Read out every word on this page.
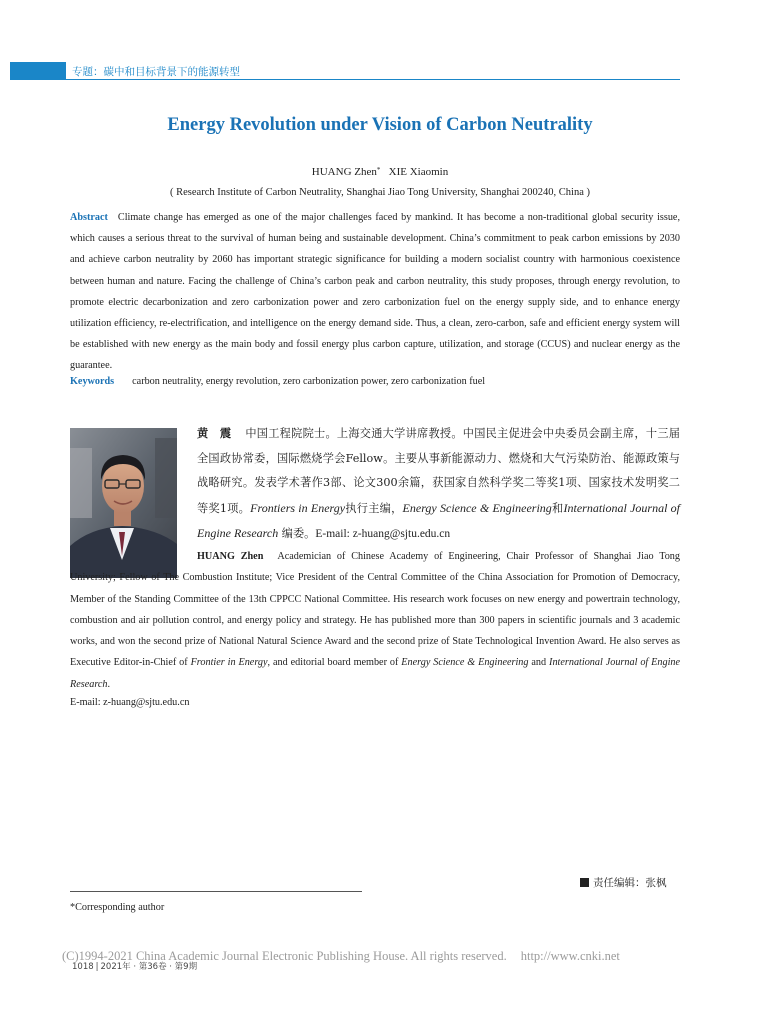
专题：碳中和目标背景下的能源转型
Energy Revolution under Vision of Carbon Neutrality
HUANG Zhen* XIE Xiaomin
( Research Institute of Carbon Neutrality, Shanghai Jiao Tong University, Shanghai 200240, China )
Abstract Climate change has emerged as one of the major challenges faced by mankind. It has become a non-traditional global security issue, which causes a serious threat to the survival of human being and sustainable development. China’s commitment to peak carbon emissions by 2030 and achieve carbon neutrality by 2060 has important strategic significance for building a modern socialist country with harmonious coexistence between human and nature. Facing the challenge of China’s carbon peak and carbon neutrality, this study proposes, through energy revolution, to promote electric decarbonization and zero carbonization power and zero carbonization fuel on the energy supply side, and to enhance energy utilization efficiency, re-electrification, and intelligence on the energy demand side. Thus, a clean, zero-carbon, safe and efficient energy system will be established with new energy as the main body and fossil energy plus carbon capture, utilization, and storage (CCUS) and nuclear energy as the guarantee.
Keywords carbon neutrality, energy revolution, zero carbonization power, zero carbonization fuel
黄　震 中国工程院院士。上海交通大学讲席教授。中国民主促进会中央委员会副主席，十三届全国政协常委，国际燃烧学会Fellow。主要从事新能源动力、燃烧和大气污染防治、能源政策与战略研究。发表学术著作3部、论文300余篇，获国家自然科学奖二等奖1项、国家技术发明奖二等奖1项。Frontiers in Energy执行主编，Energy Science & Engineering和International Journal of Engine Research 编委。E-mail: z-huang@sjtu.edu.cn
HUANG Zhen Academician of Chinese Academy of Engineering, Chair Professor of Shanghai Jiao Tong University; Fellow of The Combustion Institute; Vice President of the Central Committee of the China Association for Promotion of Democracy, Member of the Standing Committee of the 13th CPPCC National Committee. His research work focuses on new energy and powertrain technology, combustion and air pollution control, and energy policy and strategy. He has published more than 300 papers in scientific journals and 3 academic works, and won the second prize of National Natural Science Award and the second prize of State Technological Invention Award. He also serves as Executive Editor-in-Chief of Frontier in Energy, and editorial board member of Energy Science & Engineering and International Journal of Engine Research.
E-mail: z-huang@sjtu.edu.cn
责任编辑：张枫
*Corresponding author
(C)1994-2021 China Academic Journal Electronic Publishing House. All rights reserved. http://www.cnki.net
1018 | 2021年 · 第36卷 · 第9期
